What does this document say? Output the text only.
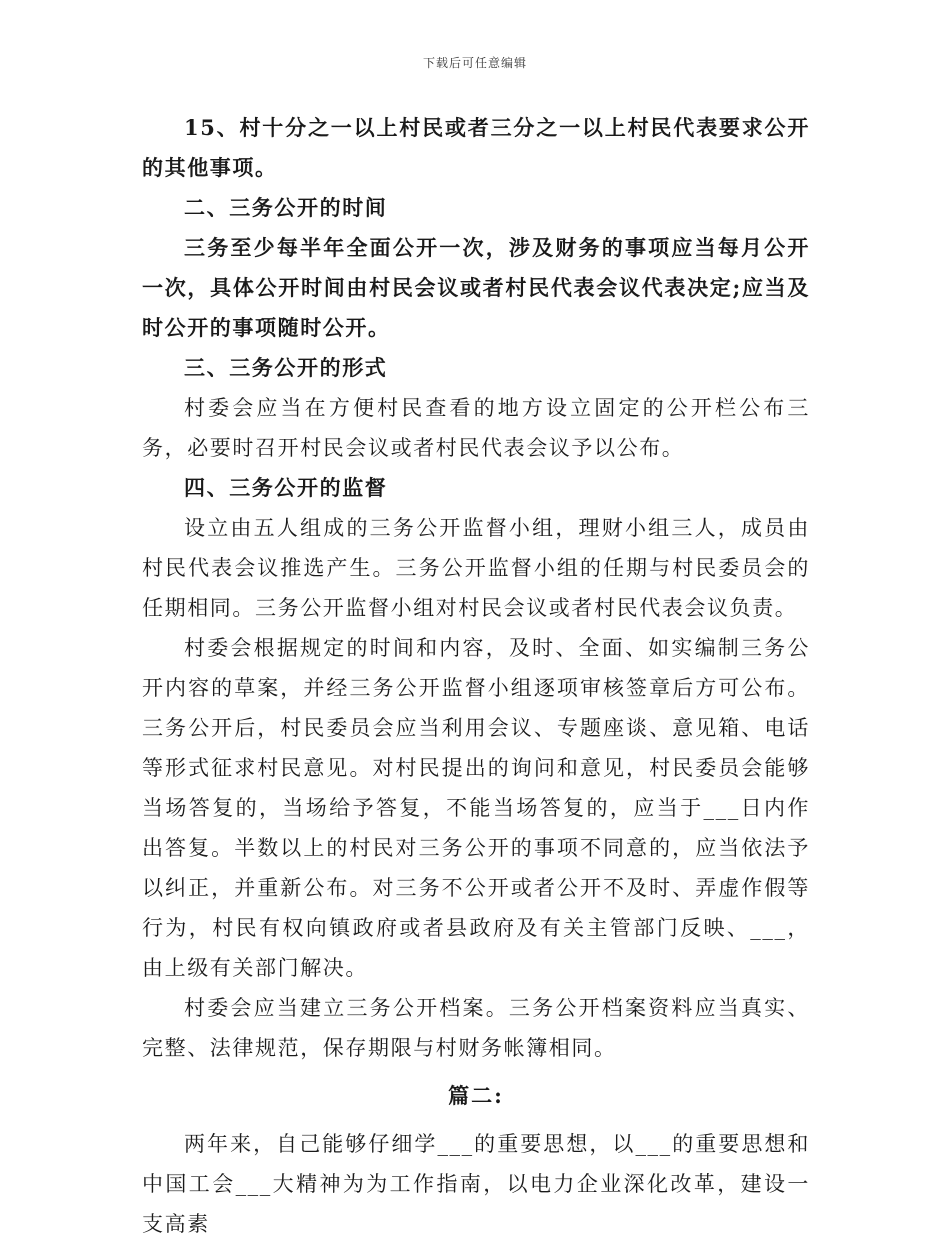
下载后可任意编辑

15、村十分之一以上村民或者三分之一以上村民代表要求公开的其他事项。

二、三务公开的时间

三务至少每半年全面公开一次，涉及财务的事项应当每月公开一次，具体公开时间由村民会议或者村民代表会议代表决定;应当及时公开的事项随时公开。

三、三务公开的形式

村委会应当在方便村民查看的地方设立固定的公开栏公布三务，必要时召开村民会议或者村民代表会议予以公布。

四、三务公开的监督

设立由五人组成的三务公开监督小组，理财小组三人，成员由村民代表会议推选产生。三务公开监督小组的任期与村民委员会的任期相同。三务公开监督小组对村民会议或者村民代表会议负责。

村委会根据规定的时间和内容，及时、全面、如实编制三务公开内容的草案，并经三务公开监督小组逐项审核签章后方可公布。三务公开后，村民委员会应当利用会议、专题座谈、意见箱、电话等形式征求村民意见。对村民提出的询问和意见，村民委员会能够当场答复的，当场给予答复，不能当场答复的，应当于___日内作出答复。半数以上的村民对三务公开的事项不同意的，应当依法予以纠正，并重新公布。对三务不公开或者公开不及时、弄虚作假等行为，村民有权向镇政府或者县政府及有关主管部门反映、___，由上级有关部门解决。

村委会应当建立三务公开档案。三务公开档案资料应当真实、完整、法律规范，保存期限与村财务帐簿相同。

篇二:

两年来，自己能够仔细学___的重要思想，以___的重要思想和中国工会___大精神为为工作指南，以电力企业深化改革，建设一支高素
